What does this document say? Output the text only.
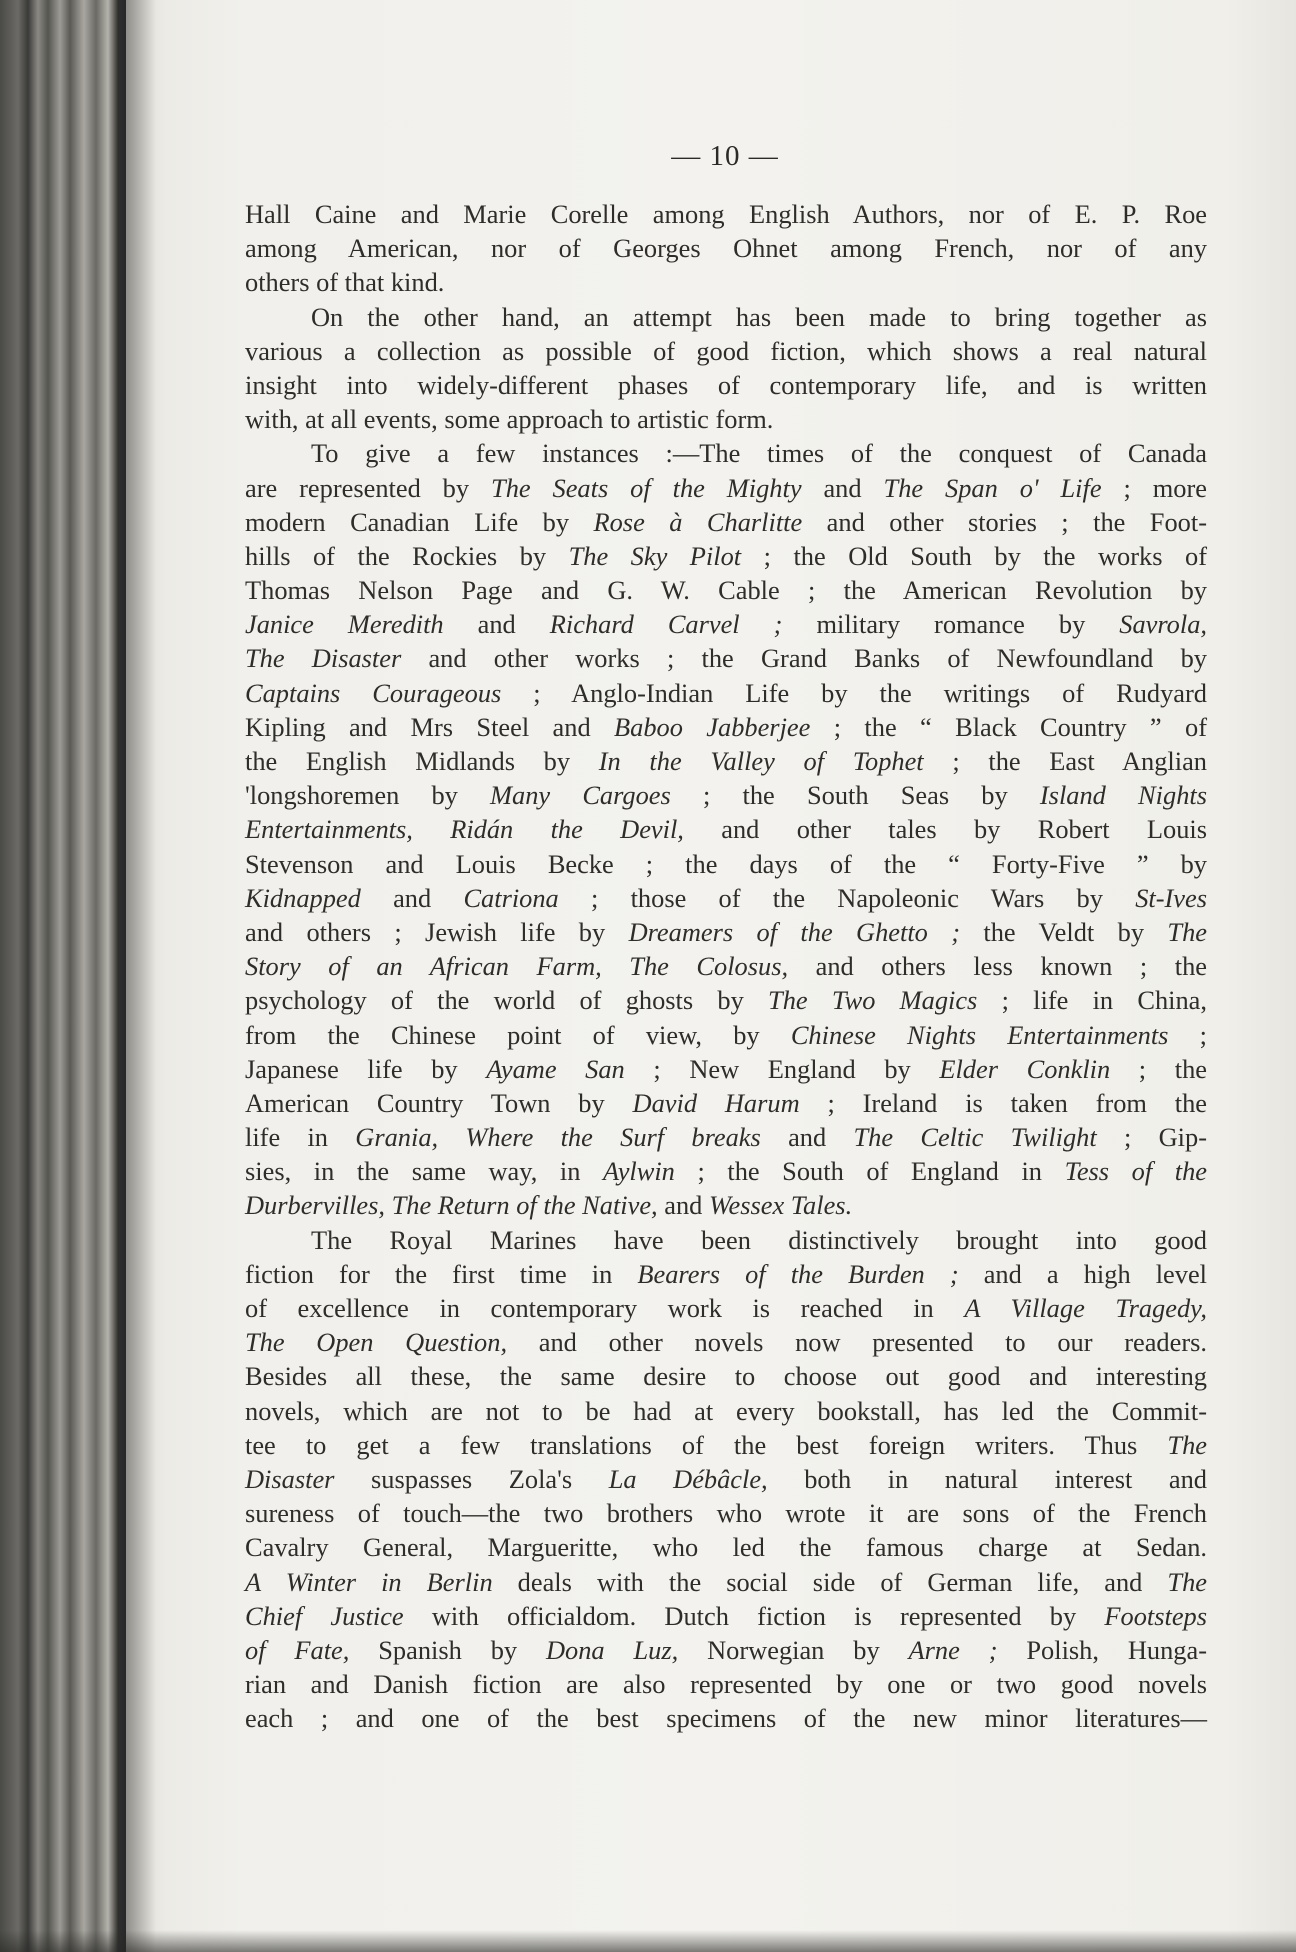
— 10 —
Hall Caine and Marie Corelle among English Authors, nor of E. P. Roe
among American, nor of Georges Ohnet among French, nor of any
others of that kind.
On the other hand, an attempt has been made to bring together as
various a collection as possible of good fiction, which shows a real natural
insight into widely-different phases of contemporary life, and is written
with, at all events, some approach to artistic form.
To give a few instances :—The times of the conquest of Canada
are represented by The Seats of the Mighty and The Span o' Life ; more
modern Canadian Life by Rose à Charlitte and other stories ; the Foot-
hills of the Rockies by The Sky Pilot ; the Old South by the works of
Thomas Nelson Page and G. W. Cable ; the American Revolution by
Janice Meredith and Richard Carvel ; military romance by Savrola,
The Disaster and other works ; the Grand Banks of Newfoundland by
Captains Courageous ; Anglo-Indian Life by the writings of Rudyard
Kipling and Mrs Steel and Baboo Jabberjee ; the “ Black Country ” of
the English Midlands by In the Valley of Tophet ; the East Anglian
'longshoremen by Many Cargoes ; the South Seas by Island Nights
Entertainments, Ridán the Devil, and other tales by Robert Louis
Stevenson and Louis Becke ; the days of the “ Forty-Five ” by
Kidnapped and Catriona ; those of the Napoleonic Wars by St-Ives
and others ; Jewish life by Dreamers of the Ghetto ; the Veldt by The
Story of an African Farm, The Colosus, and others less known ; the
psychology of the world of ghosts by The Two Magics ; life in China,
from the Chinese point of view, by Chinese Nights Entertainments ;
Japanese life by Ayame San ; New England by Elder Conklin ; the
American Country Town by David Harum ; Ireland is taken from the
life in Grania, Where the Surf breaks and The Celtic Twilight ; Gip-
sies, in the same way, in Aylwin ; the South of England in Tess of the
Durbervilles, The Return of the Native, and Wessex Tales.
The Royal Marines have been distinctively brought into good
fiction for the first time in Bearers of the Burden ; and a high level
of excellence in contemporary work is reached in A Village Tragedy,
The Open Question, and other novels now presented to our readers.
Besides all these, the same desire to choose out good and interesting
novels, which are not to be had at every bookstall, has led the Commit-
tee to get a few translations of the best foreign writers. Thus The
Disaster suspasses Zola's La Débâcle, both in natural interest and
sureness of touch—the two brothers who wrote it are sons of the French
Cavalry General, Margueritte, who led the famous charge at Sedan.
A Winter in Berlin deals with the social side of German life, and The
Chief Justice with officialdom. Dutch fiction is represented by Footsteps
of Fate, Spanish by Dona Luz, Norwegian by Arne ; Polish, Hunga-
rian and Danish fiction are also represented by one or two good novels
each ; and one of the best specimens of the new minor literatures—
